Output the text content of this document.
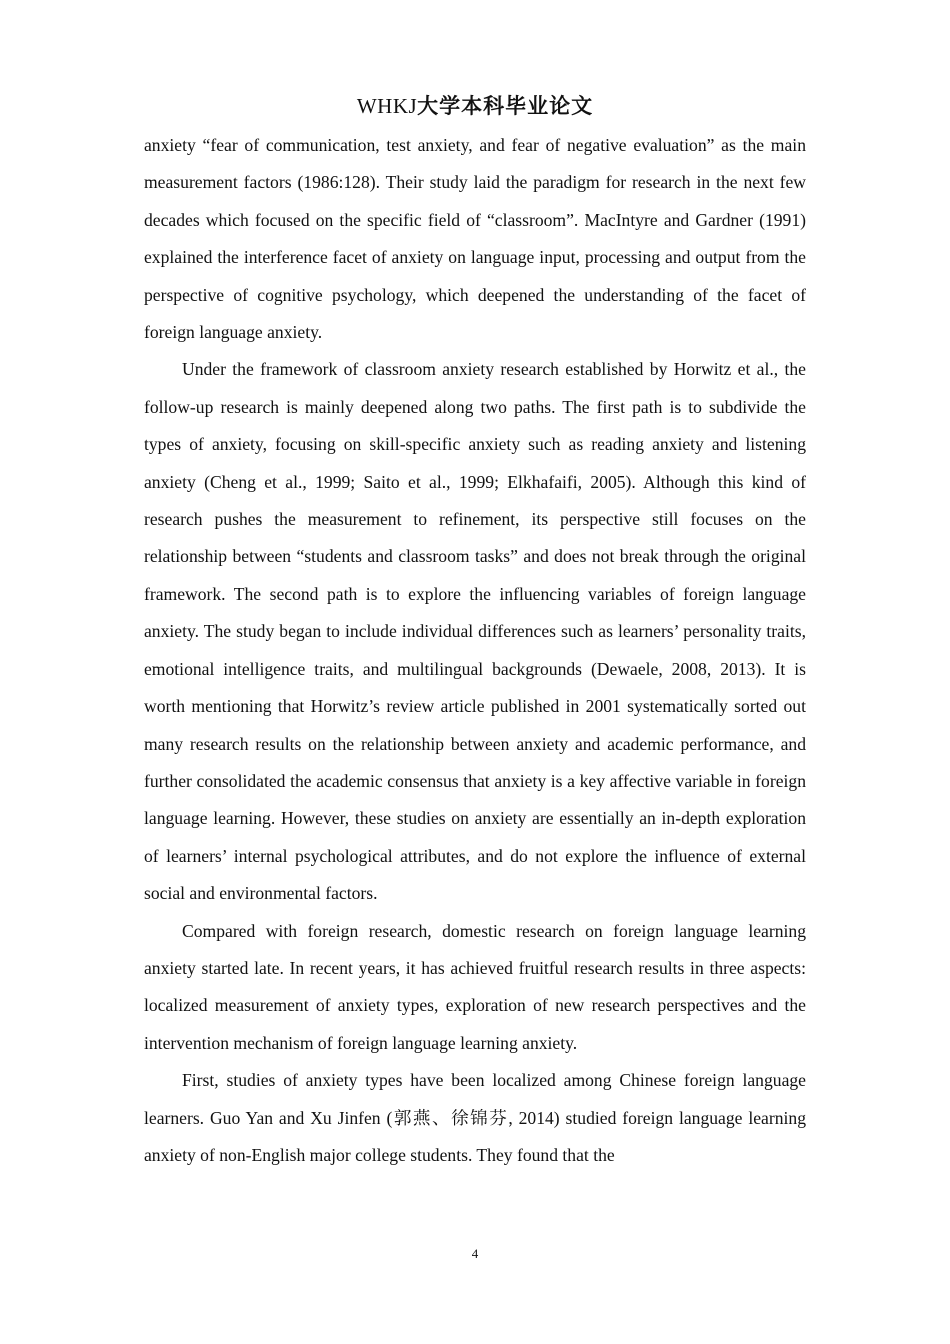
WHKJ大学本科毕业论文

anxiety “fear of communication, test anxiety, and fear of negative evaluation” as the main measurement factors (1986:128). Their study laid the paradigm for research in the next few decades which focused on the specific field of “classroom”. MacIntyre and Gardner (1991) explained the interference facet of anxiety on language input, processing and output from the perspective of cognitive psychology, which deepened the understanding of the facet of foreign language anxiety.

Under the framework of classroom anxiety research established by Horwitz et al., the follow-up research is mainly deepened along two paths. The first path is to subdivide the types of anxiety, focusing on skill-specific anxiety such as reading anxiety and listening anxiety (Cheng et al., 1999; Saito et al., 1999; Elkhafaifi, 2005). Although this kind of research pushes the measurement to refinement, its perspective still focuses on the relationship between “students and classroom tasks” and does not break through the original framework. The second path is to explore the influencing variables of foreign language anxiety. The study began to include individual differences such as learners’ personality traits, emotional intelligence traits, and multilingual backgrounds (Dewaele, 2008, 2013). It is worth mentioning that Horwitz’s review article published in 2001 systematically sorted out many research results on the relationship between anxiety and academic performance, and further consolidated the academic consensus that anxiety is a key affective variable in foreign language learning. However, these studies on anxiety are essentially an in-depth exploration of learners’ internal psychological attributes, and do not explore the influence of external social and environmental factors.

Compared with foreign research, domestic research on foreign language learning anxiety started late. In recent years, it has achieved fruitful research results in three aspects: localized measurement of anxiety types, exploration of new research perspectives and the intervention mechanism of foreign language learning anxiety.

First, studies of anxiety types have been localized among Chinese foreign language learners. Guo Yan and Xu Jinfen (郭燕、徐锦芬, 2014) studied foreign language learning anxiety of non-English major college students. They found that the

4
